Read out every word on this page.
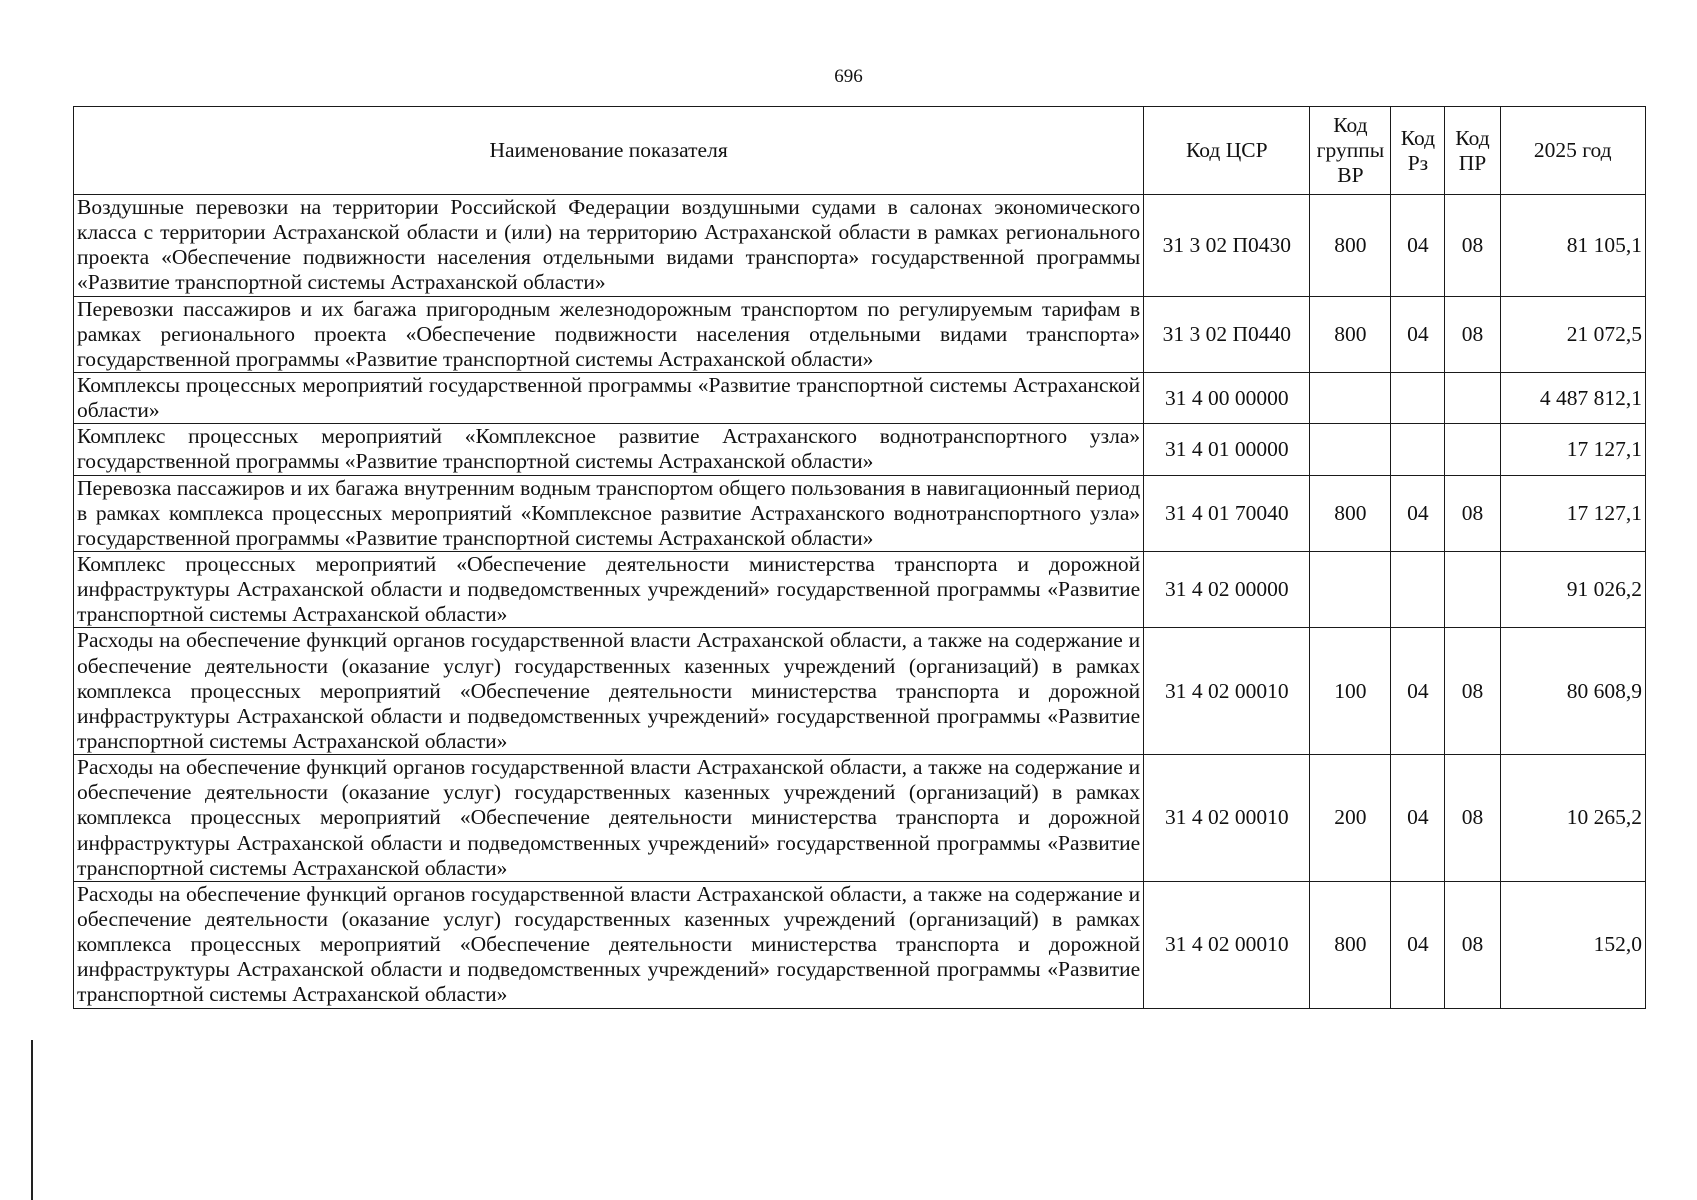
696
Наименование показателя	Код ЦСР	Код группы ВР	Код Рз	Код ПР	2025 год
Воздушные перевозки на территории Российской Федерации воздушными судами в салонах экономического класса с территории Астраханской области и (или) на территорию Астраханской области в рамках регионального проекта «Обеспечение подвижности населения отдельными видами транспорта» государственной программы «Развитие транспортной системы Астраханской области»	31 3 02 П0430	800	04	08	81 105,1
Перевозки пассажиров и их багажа пригородным железнодорожным транспортом по регулируемым тарифам в рамках регионального проекта «Обеспечение подвижности населения отдельными видами транспорта» государственной программы «Развитие транспортной системы Астраханской области»	31 3 02 П0440	800	04	08	21 072,5
Комплексы процессных мероприятий государственной программы «Развитие транспортной системы Астраханской области»	31 4 00 00000				4 487 812,1
Комплекс процессных мероприятий «Комплексное развитие Астраханского воднотранспортного узла» государственной программы «Развитие транспортной системы Астраханской области»	31 4 01 00000				17 127,1
Перевозка пассажиров и их багажа внутренним водным транспортом общего пользования в навигационный период в рамках комплекса процессных мероприятий «Комплексное развитие Астраханского воднотранспортного узла» государственной программы «Развитие транспортной системы Астраханской области»	31 4 01 70040	800	04	08	17 127,1
Комплекс процессных мероприятий «Обеспечение деятельности министерства транспорта и дорожной инфраструктуры Астраханской области и подведомственных учреждений» государственной программы «Развитие транспортной системы Астраханской области»	31 4 02 00000				91 026,2
Расходы на обеспечение функций органов государственной власти Астраханской области, а также на содержание и обеспечение деятельности (оказание услуг) государственных казенных учреждений (организаций) в рамках комплекса процессных мероприятий «Обеспечение деятельности министерства транспорта и дорожной инфраструктуры Астраханской области и подведомственных учреждений» государственной программы «Развитие транспортной системы Астраханской области»	31 4 02 00010	100	04	08	80 608,9
Расходы на обеспечение функций органов государственной власти Астраханской области, а также на содержание и обеспечение деятельности (оказание услуг) государственных казенных учреждений (организаций) в рамках комплекса процессных мероприятий «Обеспечение деятельности министерства транспорта и дорожной инфраструктуры Астраханской области и подведомственных учреждений» государственной программы «Развитие транспортной системы Астраханской области»	31 4 02 00010	200	04	08	10 265,2
Расходы на обеспечение функций органов государственной власти Астраханской области, а также на содержание и обеспечение деятельности (оказание услуг) государственных казенных учреждений (организаций) в рамках комплекса процессных мероприятий «Обеспечение деятельности министерства транспорта и дорожной инфраструктуры Астраханской области и подведомственных учреждений» государственной программы «Развитие транспортной системы Астраханской области»	31 4 02 00010	800	04	08	152,0
